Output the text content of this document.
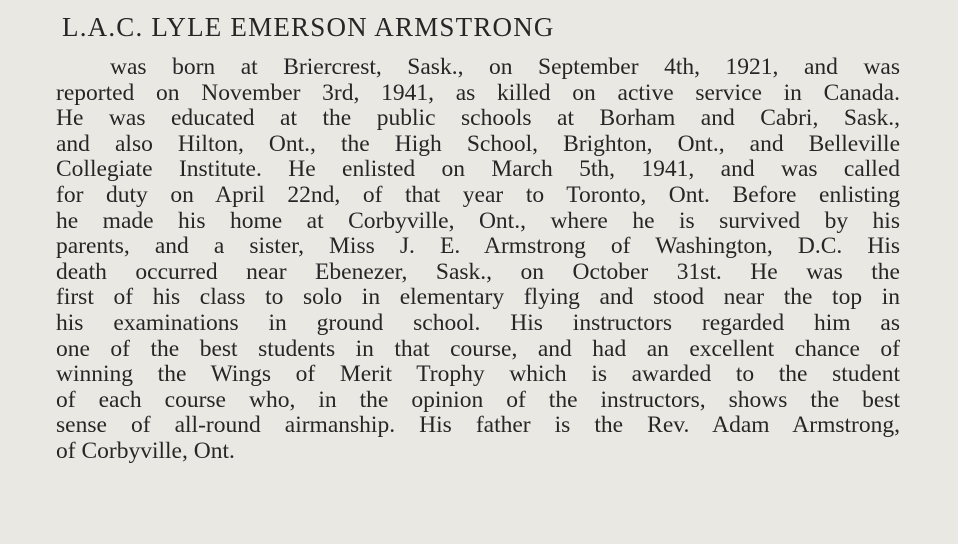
L.A.C. LYLE EMERSON ARMSTRONG
was born at Briercrest, Sask., on September 4th, 1921, and was
reported on November 3rd, 1941, as killed on active service in Canada.
He was educated at the public schools at Borham and Cabri, Sask.,
and also Hilton, Ont., the High School, Brighton, Ont., and Belleville
Collegiate Institute. He enlisted on March 5th, 1941, and was called
for duty on April 22nd, of that year to Toronto, Ont. Before enlisting
he made his home at Corbyville, Ont., where he is survived by his
parents, and a sister, Miss J. E. Armstrong of Washington, D.C. His
death occurred near Ebenezer, Sask., on October 31st. He was the
first of his class to solo in elementary flying and stood near the top in
his examinations in ground school. His instructors regarded him as
one of the best students in that course, and had an excellent chance of
winning the Wings of Merit Trophy which is awarded to the student
of each course who, in the opinion of the instructors, shows the best
sense of all-round airmanship. His father is the Rev. Adam Armstrong,
of Corbyville, Ont.
